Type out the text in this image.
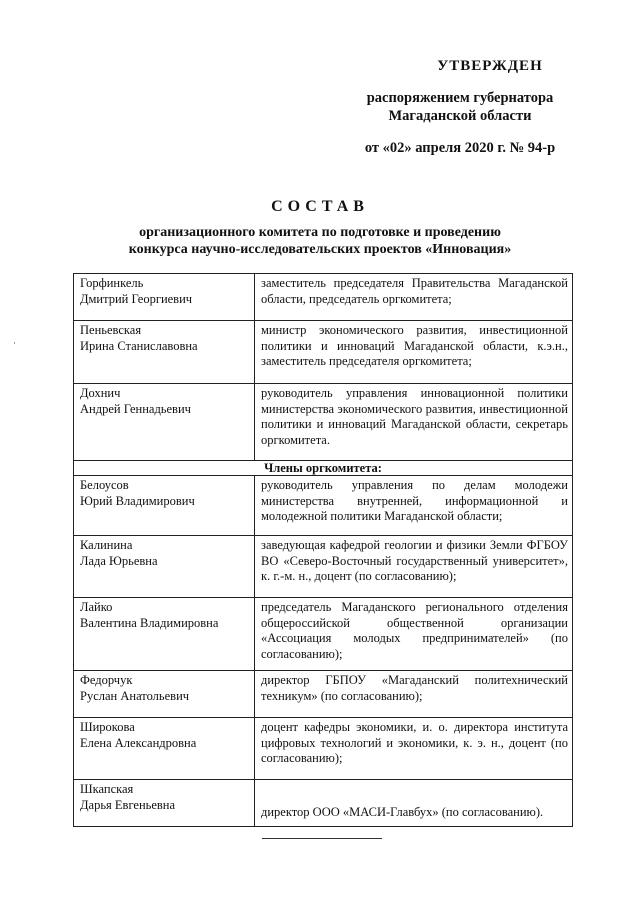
УТВЕРЖДЕН
распоряжением губернатора
Магаданской области
от «02» апреля 2020 г. № 94-р
СОСТАВ
организационного комитета по подготовке и проведению
конкурса научно-исследовательских проектов «Инновация»
Горфинкель
Дмитрий Георгиевич	заместитель председателя Правительства Магаданской области, председатель оргкомитета;

Пеньевская
Ирина Станиславовна	министр экономического развития, инвестиционной политики и инноваций Магаданской области, к.э.н., заместитель председателя оргкомитета;

Дохнич
Андрей Геннадьевич	руководитель управления инновационной политики министерства экономического развития, инвестиционной политики и инноваций Магаданской области, секретарь оргкомитета.
Члены оргкомитета:	

Белоусов
Юрий Владимирович	руководитель управления по делам молодежи министерства внутренней, информационной и молодежной политики Магаданской области;

Калинина
Лада Юрьевна	заведующая кафедрой геологии и физики Земли ФГБОУ ВО «Северо-Восточный государственный университет», к. г.-м. н., доцент (по согласованию);

Лайко
Валентина Владимировна	председатель Магаданского регионального отделения общероссийской общественной организации «Ассоциация молодых предпринимателей» (по согласованию);

Федорчук
Руслан Анатольевич	директор ГБПОУ «Магаданский политехнический техникум» (по согласованию);

Широкова
Елена Александровна	доцент кафедры экономики, и. о. директора института цифровых технологий и экономики, к. э. н., доцент (по согласованию);

Шкапская
Дарья Евгеньевна	директор ООО «МАСИ-Главбух» (по согласованию).
